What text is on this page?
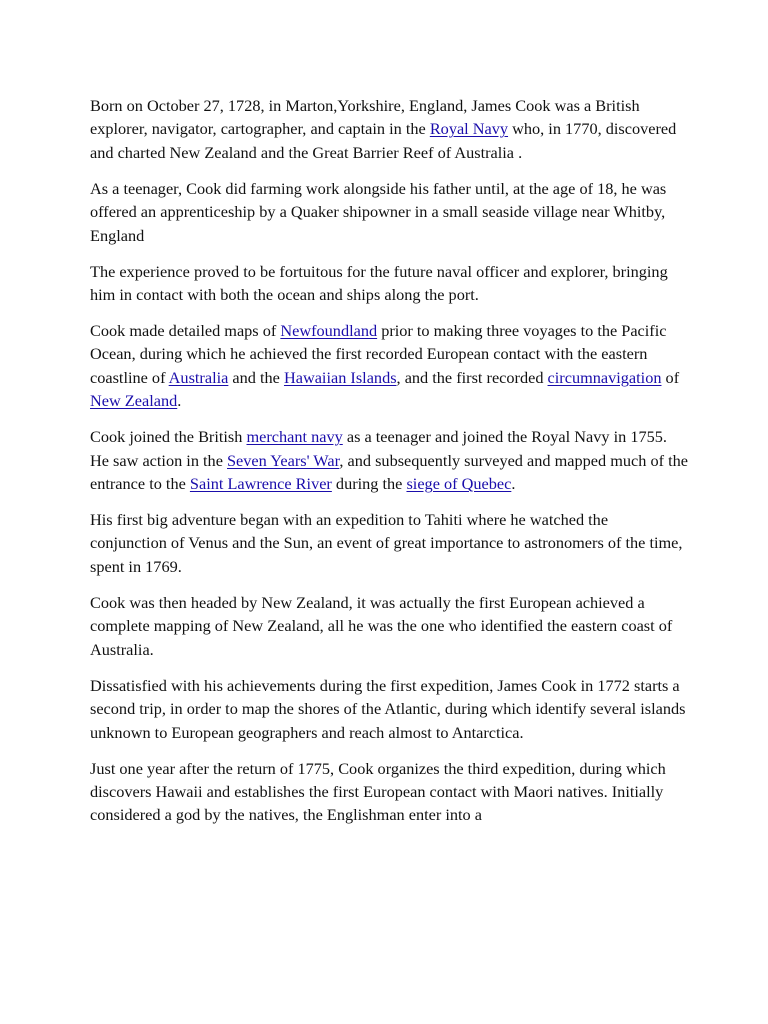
Born on October 27, 1728, in Marton,Yorkshire, England, James Cook was a British explorer, navigator, cartographer, and captain in the Royal Navy who, in 1770, discovered and charted New Zealand and the Great Barrier Reef of Australia .

As a teenager, Cook did farming work alongside his father until, at the age of 18, he was offered an apprenticeship by a Quaker shipowner in a small seaside village near Whitby, England

The experience proved to be fortuitous for the future naval officer and explorer, bringing him in contact with both the ocean and ships along the port.

Cook made detailed maps of Newfoundland prior to making three voyages to the Pacific Ocean, during which he achieved the first recorded European contact with the eastern coastline of Australia and the Hawaiian Islands, and the first recorded circumnavigation of New Zealand.

Cook joined the British merchant navy as a teenager and joined the Royal Navy in 1755. He saw action in the Seven Years' War, and subsequently surveyed and mapped much of the entrance to the Saint Lawrence River during the siege of Quebec.

His first big adventure began with an expedition to Tahiti where he watched the conjunction of Venus and the Sun, an event of great importance to astronomers of the time, spent in 1769.

Cook was then headed by New Zealand, it was actually the first European achieved a complete mapping of New Zealand, all he was the one who identified the eastern coast of Australia.

Dissatisfied with his achievements during the first expedition, James Cook in 1772 starts a second trip, in order to map the shores of the Atlantic, during which identify several islands unknown to European geographers and reach almost to Antarctica.

Just one year after the return of 1775, Cook organizes the third expedition, during which discovers Hawaii and establishes the first European contact with Maori natives. Initially considered a god by the natives, the Englishman enter into a
